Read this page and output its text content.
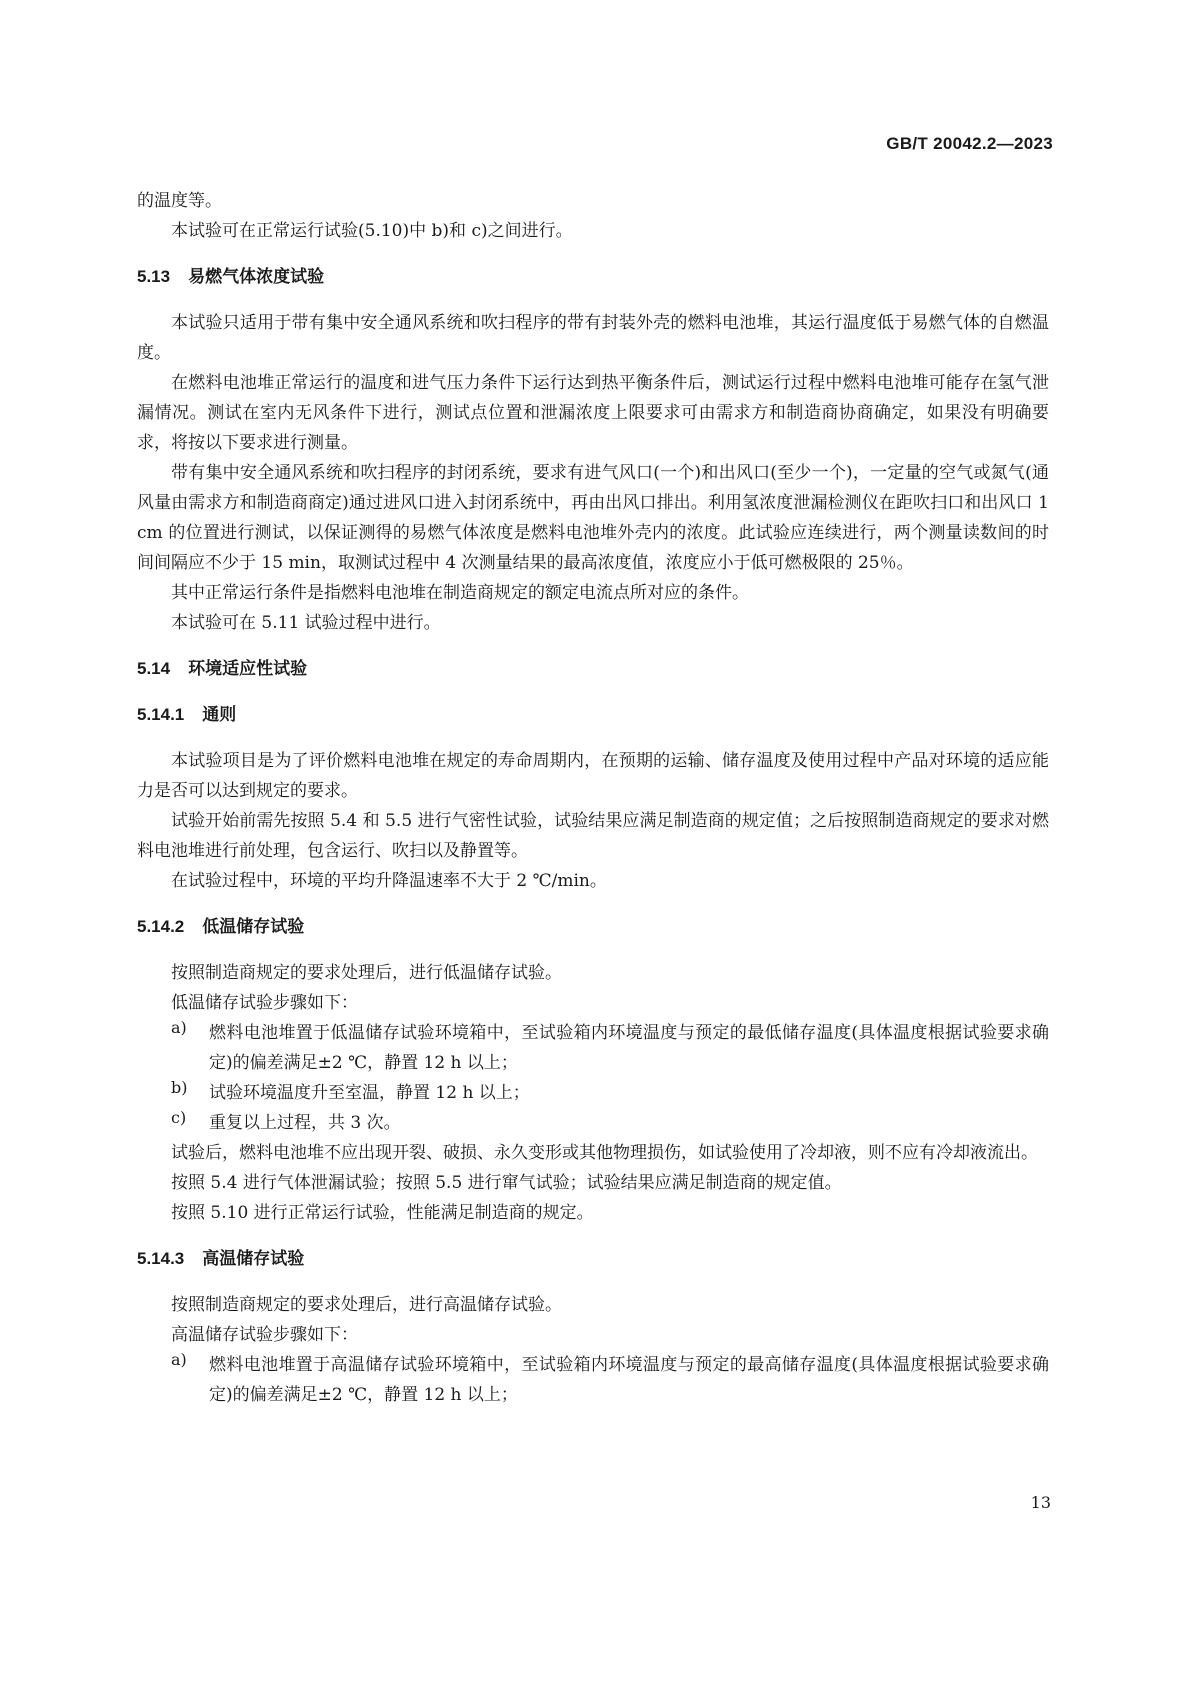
GB/T 20042.2—2023

的温度等。

本试验可在正常运行试验(5.10)中 b)和 c)之间进行。

5.13 易燃气体浓度试验

本试验只适用于带有集中安全通风系统和吹扫程序的带有封装外壳的燃料电池堆，其运行温度低于易燃气体的自燃温度。

在燃料电池堆正常运行的温度和进气压力条件下运行达到热平衡条件后，测试运行过程中燃料电池堆可能存在氢气泄漏情况。测试在室内无风条件下进行，测试点位置和泄漏浓度上限要求可由需求方和制造商协商确定，如果没有明确要求，将按以下要求进行测量。

带有集中安全通风系统和吹扫程序的封闭系统，要求有进气风口(一个)和出风口(至少一个)，一定量的空气或氮气(通风量由需求方和制造商商定)通过进风口进入封闭系统中，再由出风口排出。利用氢浓度泄漏检测仪在距吹扫口和出风口 1 cm 的位置进行测试，以保证测得的易燃气体浓度是燃料电池堆外壳内的浓度。此试验应连续进行，两个测量读数间的时间间隔应不少于 15 min，取测试过程中 4 次测量结果的最高浓度值，浓度应小于低可燃极限的 25％。

其中正常运行条件是指燃料电池堆在制造商规定的额定电流点所对应的条件。

本试验可在 5.11 试验过程中进行。

5.14 环境适应性试验
5.14.1 通则

本试验项目是为了评价燃料电池堆在规定的寿命周期内，在预期的运输、储存温度及使用过程中产品对环境的适应能力是否可以达到规定的要求。

试验开始前需先按照 5.4 和 5.5 进行气密性试验，试验结果应满足制造商的规定值；之后按照制造商规定的要求对燃料电池堆进行前处理，包含运行、吹扫以及静置等。

在试验过程中，环境的平均升降温速率不大于 2 ℃/min。

5.14.2 低温储存试验

按照制造商规定的要求处理后，进行低温储存试验。

低温储存试验步骤如下：

a) 燃料电池堆置于低温储存试验环境箱中，至试验箱内环境温度与预定的最低储存温度(具体温度根据试验要求确定)的偏差满足±2 ℃，静置 12 h 以上；

b) 试验环境温度升至室温，静置 12 h 以上；

c) 重复以上过程，共 3 次。

试验后，燃料电池堆不应出现开裂、破损、永久变形或其他物理损伤，如试验使用了冷却液，则不应有冷却液流出。

按照 5.4 进行气体泄漏试验；按照 5.5 进行窜气试验；试验结果应满足制造商的规定值。

按照 5.10 进行正常运行试验，性能满足制造商的规定。

5.14.3 高温储存试验

按照制造商规定的要求处理后，进行高温储存试验。

高温储存试验步骤如下：

a) 燃料电池堆置于高温储存试验环境箱中，至试验箱内环境温度与预定的最高储存温度(具体温度根据试验要求确定)的偏差满足±2 ℃，静置 12 h 以上；

13
